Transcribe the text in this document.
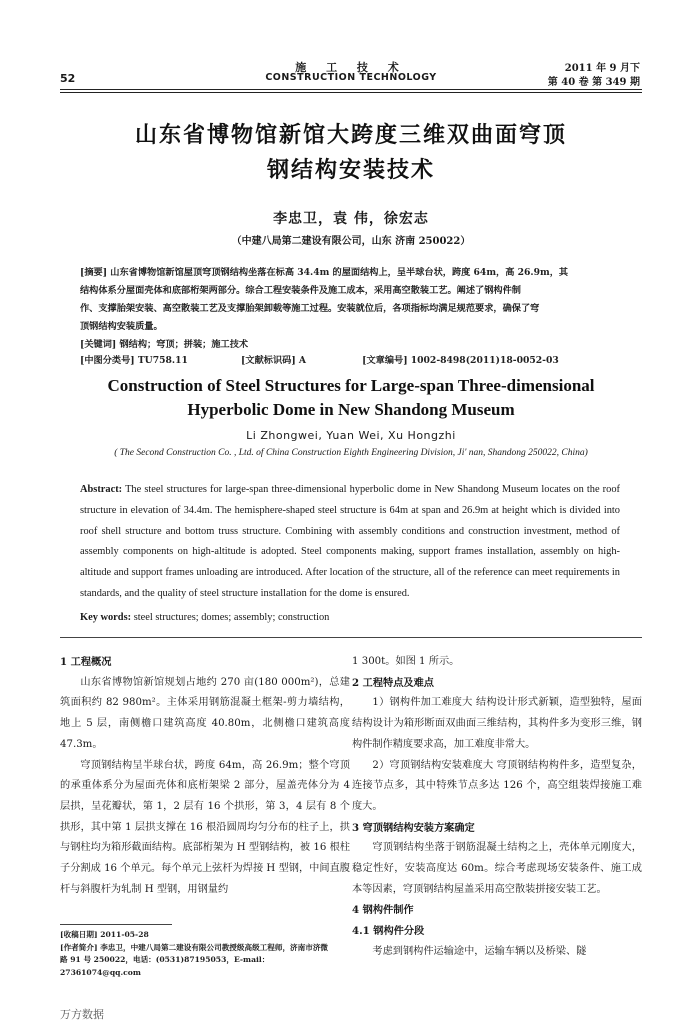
52
施 工 技 术
CONSTRUCTION TECHNOLOGY
2011 年 9 月下
第 40 卷 第 349 期
山东省博物馆新馆大跨度三维双曲面穹顶
钢结构安装技术
李忠卫，袁 伟，徐宏志
（中建八局第二建设有限公司，山东 济南 250022）
[摘要] 山东省博物馆新馆屋顶穹顶钢结构坐落在标高 34.4m 的屋面结构上，呈半球台状，跨度 64m，高 26.9m，其
结构体系分屋面壳体和底部桁架两部分。综合工程安装条件及施工成本，采用高空散装工艺。阐述了钢构件制
作、支撑胎架安装、高空散装工艺及支撑胎架卸载等施工过程。安装就位后，各项指标均满足规范要求，确保了穹
顶钢结构安装质量。
[关键词] 钢结构；穹顶；拼装；施工技术
[中图分类号] TU758.11	[文献标识码] A	[文章编号] 1002-8498(2011)18-0052-03
Construction of Steel Structures for Large-span Three-dimensional
Hyperbolic Dome in New Shandong Museum
Li Zhongwei, Yuan Wei, Xu Hongzhi
( The Second Construction Co. , Ltd. of China Construction Eighth Engineering Division, Ji' nan, Shandong 250022, China)
Abstract: The steel structures for large-span three-dimensional hyperbolic dome in New Shandong Museum locates on the roof structure in elevation of 34.4m. The hemisphere-shaped steel structure is 64m at span and 26.9m at height which is divided into roof shell structure and bottom truss structure. Combining with assembly conditions and construction investment, method of assembly components on high-altitude is adopted. Steel components making, support frames installation, assembly on high-altitude and support frames unloading are introduced. After location of the structure, all of the reference can meet requirements in standards, and the quality of steel structure installation for the dome is ensured.
Key words: steel structures; domes; assembly; construction
1 工程概况
山东省博物馆新馆规划占地约 270 亩(180 000m²)，总建筑面积约 82 980m²。主体采用钢筋混凝土框架-剪力墙结构，地上 5 层，南侧檐口建筑高度 40.80m，北侧檐口建筑高度 47.3m。
穹顶钢结构呈半球台状，跨度 64m，高 26.9m；整个穹顶的承重体系分为屋面壳体和底桁架梁 2 部分，屋盖壳体分为 4 层拱，呈花瓣状，第 1，2 层有 16 个拱形，第 3，4 层有 8 个拱形，其中第 1 层拱支撑在 16 根沿圆周均匀分布的柱子上，拱与钢柱均为箱形截面结构。底部桁架为 H 型钢结构，被 16 根柱子分割成 16 个单元。每个单元上弦杆为焊接 H 型钢，中间直腹杆与斜腹杆为轧制 H 型钢，用钢量约
1 300t。如图 1 所示。
2 工程特点及难点
1）钢构件加工难度大 结构设计形式新颖，造型独特，屋面结构设计为箱形断面双曲面三维结构，其构件多为变形三维，钢构件制作精度要求高，加工难度非常大。
2）穹顶钢结构安装难度大 穹顶钢结构构件多，造型复杂，连接节点多，其中特殊节点多达 126 个，高空组装焊接施工难度大。
3 穹顶钢结构安装方案确定
穹顶钢结构坐落于钢筋混凝土结构之上，壳体单元刚度大，稳定性好，安装高度达 60m。综合考虑现场安装条件、施工成本等因素，穹顶钢结构屋盖采用高空散装拼接安装工艺。
4 钢构件制作
4.1 钢构件分段
考虑到钢构件运输途中，运输车辆以及桥梁、隧
[收稿日期] 2011-05-28
[作者简介] 李忠卫，中建八局第二建设有限公司教授级高级工程师，济南市济微路 91 号 250022，电话：(0531)87195053，E-mail：27361074@qq.com
万方数据
